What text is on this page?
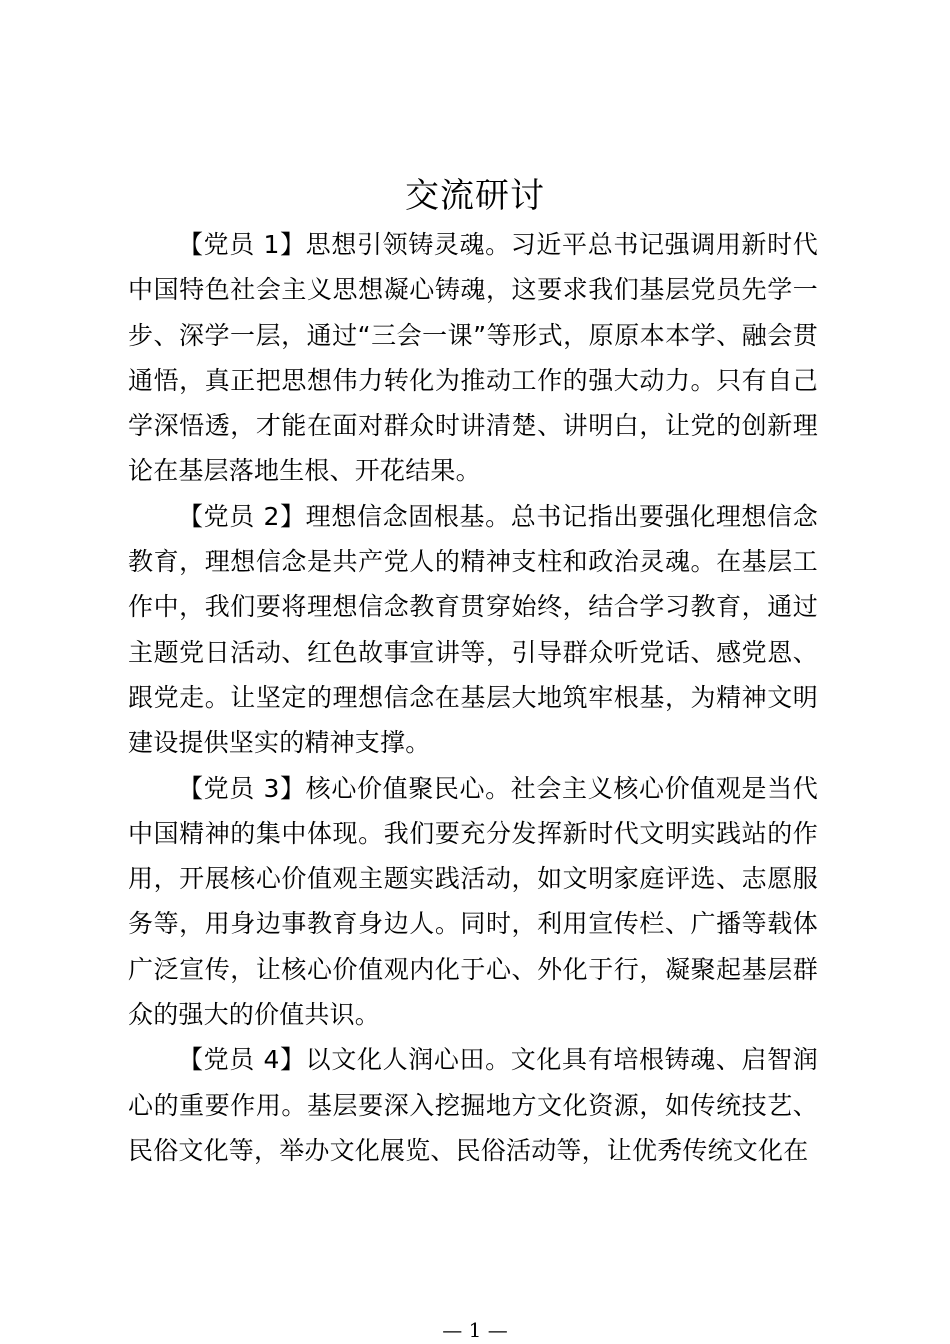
交流研讨

【党员 1】思想引领铸灵魂。习近平总书记强调用新时代中国特色社会主义思想凝心铸魂，这要求我们基层党员先学一步、深学一层，通过“三会一课”等形式，原原本本学、融会贯通悟，真正把思想伟力转化为推动工作的强大动力。只有自己学深悟透，才能在面对群众时讲清楚、讲明白，让党的创新理论在基层落地生根、开花结果。

【党员 2】理想信念固根基。总书记指出要强化理想信念教育，理想信念是共产党人的精神支柱和政治灵魂。在基层工作中，我们要将理想信念教育贯穿始终，结合学习教育，通过主题党日活动、红色故事宣讲等，引导群众听党话、感党恩、跟党走。让坚定的理想信念在基层大地筑牢根基，为精神文明建设提供坚实的精神支撑。

【党员 3】核心价值聚民心。社会主义核心价值观是当代中国精神的集中体现。我们要充分发挥新时代文明实践站的作用，开展核心价值观主题实践活动，如文明家庭评选、志愿服务等，用身边事教育身边人。同时，利用宣传栏、广播等载体广泛宣传，让核心价值观内化于心、外化于行，凝聚起基层群众的强大的价值共识。

【党员 4】以文化人润心田。文化具有培根铸魂、启智润心的重要作用。基层要深入挖掘地方文化资源，如传统技艺、民俗文化等，举办文化展览、民俗活动等，让优秀传统文化在

— 1 —
